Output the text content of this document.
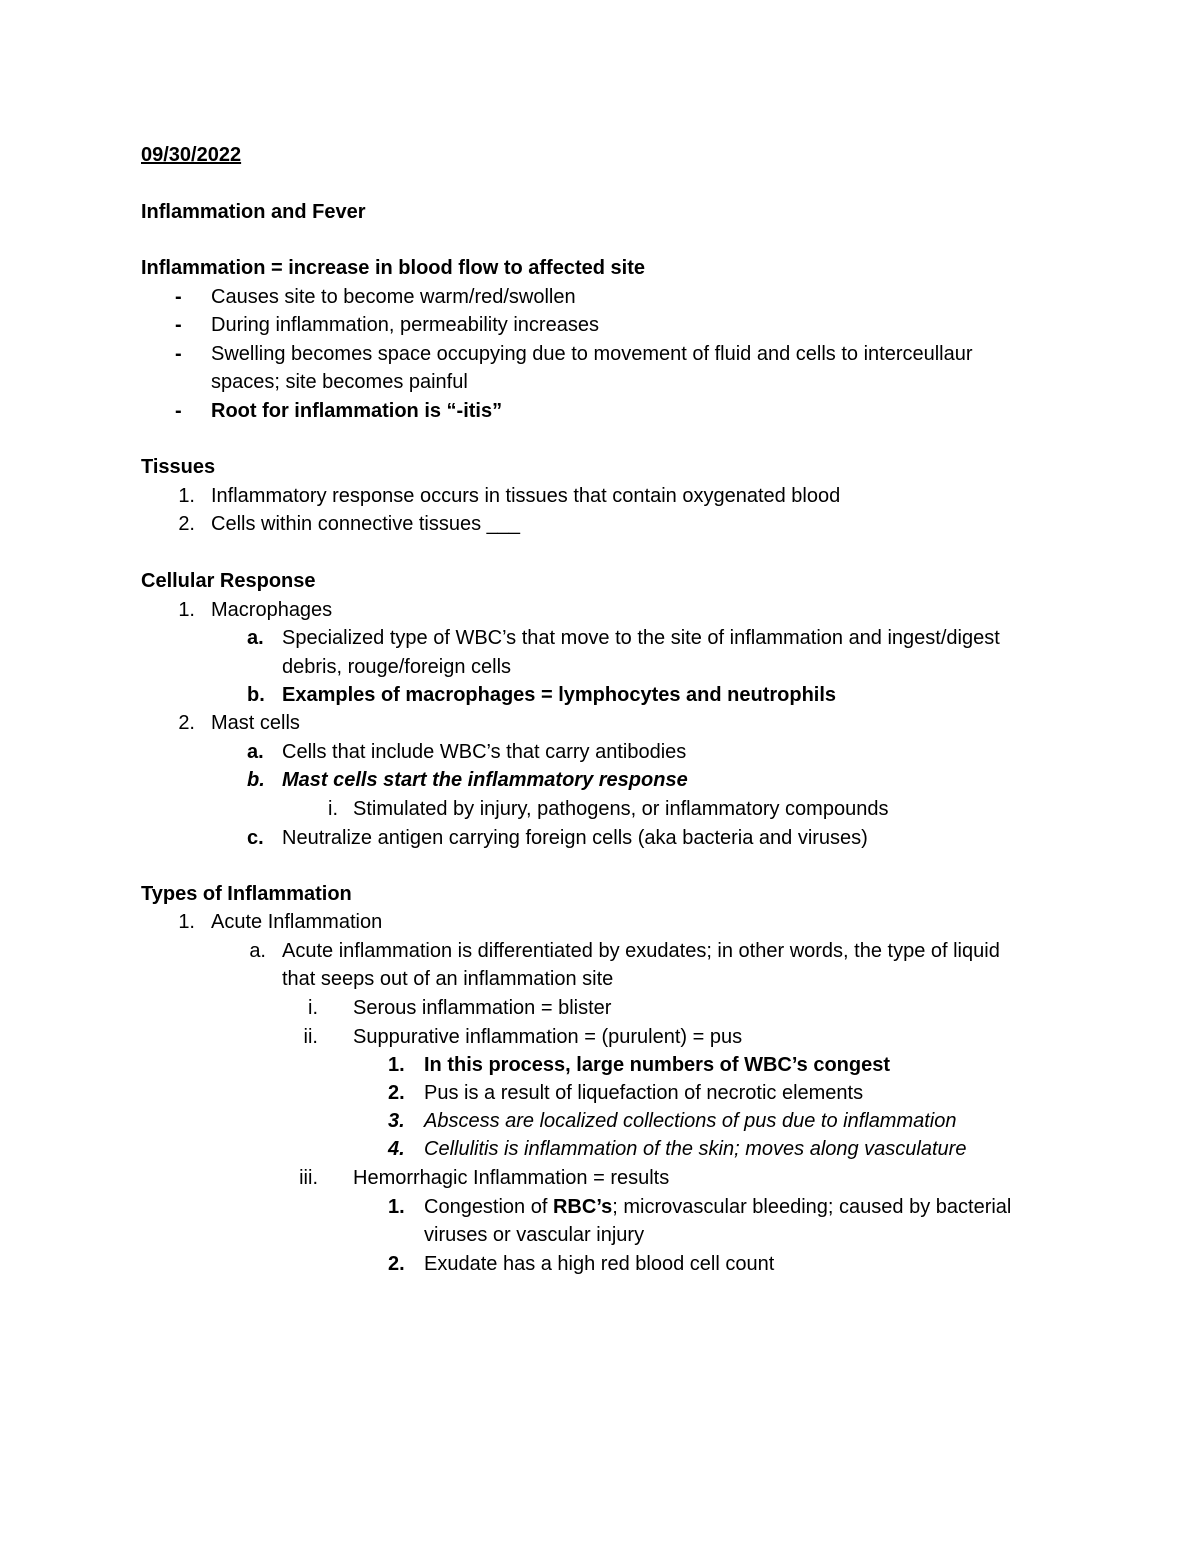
09/30/2022

Inflammation and Fever

Inflammation = increase in blood flow to affected site

- Causes site to become warm/red/swollen

- During inflammation, permeability increases

- Swelling becomes space occupying due to movement of fluid and cells to interceullaur

spaces; site becomes painful

- Root for inflammation is “-itis”

Tissues

1. Inflammatory response occurs in tissues that contain oxygenated blood

2. Cells within connective tissues ___

Cellular Response

1. Macrophages

a. Specialized type of WBC’s that move to the site of inflammation and ingest/digest

debris, rouge/foreign cells

b. Examples of macrophages = lymphocytes and neutrophils

2. Mast cells

a. Cells that include WBC’s that carry antibodies

b. Mast cells start the inflammatory response

i. Stimulated by injury, pathogens, or inflammatory compounds

c. Neutralize antigen carrying foreign cells (aka bacteria and viruses)

Types of Inflammation

1. Acute Inflammation

a. Acute inflammation is differentiated by exudates; in other words, the type of liquid

that seeps out of an inflammation site

i. Serous inflammation = blister

ii. Suppurative inflammation = (purulent) = pus

1. In this process, large numbers of WBC’s congest

2. Pus is a result of liquefaction of necrotic elements

3. Abscess are localized collections of pus due to inflammation

4. Cellulitis is inflammation of the skin; moves along vasculature

iii. Hemorrhagic Inflammation = results

1. Congestion of RBC’s; microvascular bleeding; caused by bacterial

viruses or vascular injury

2. Exudate has a high red blood cell count
